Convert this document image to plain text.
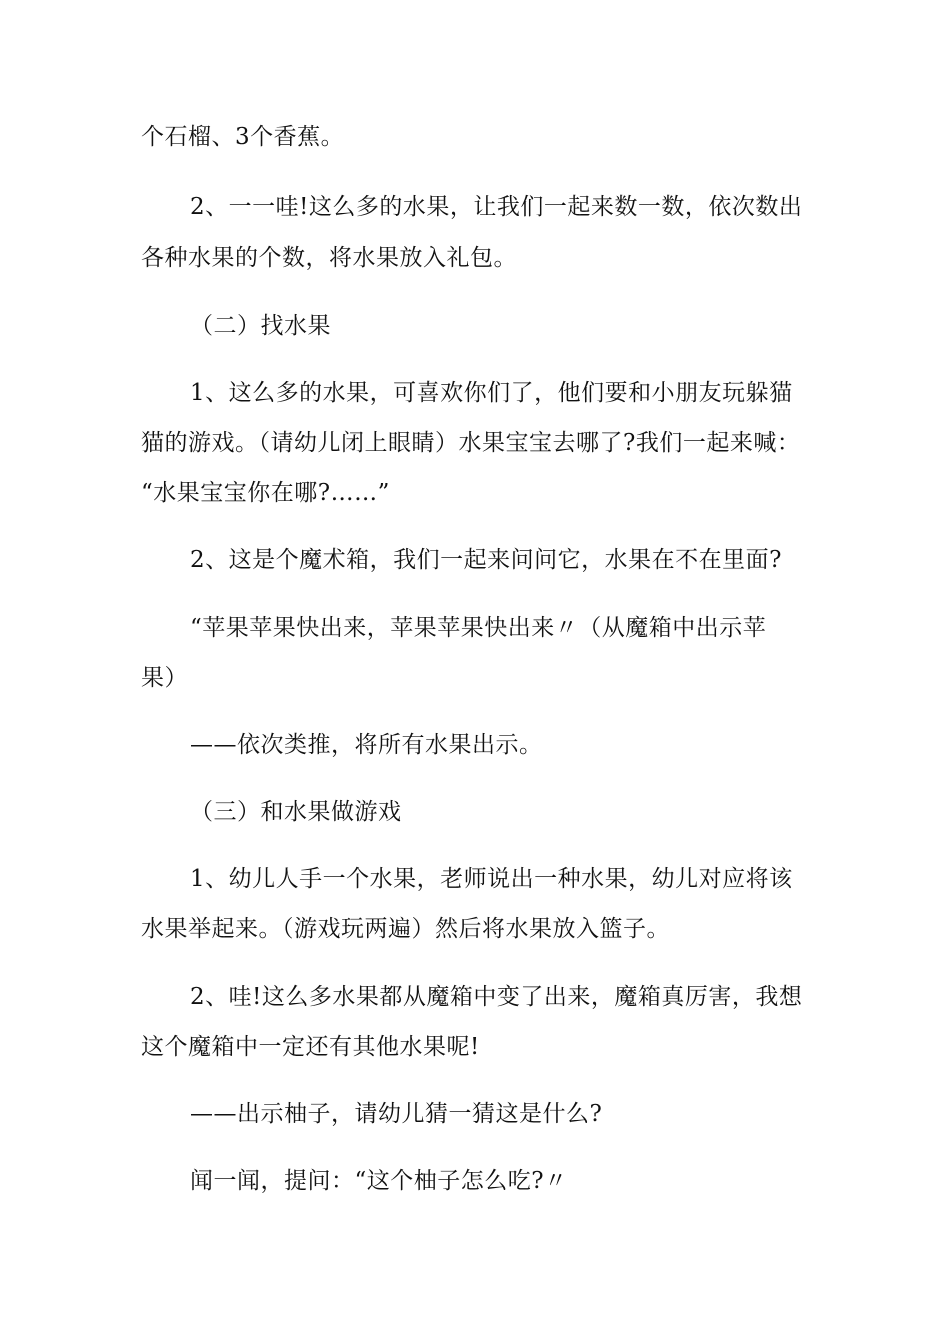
个石榴、3个香蕉。
2、一一哇!这么多的水果，让我们一起来数一数，依次数出
各种水果的个数，将水果放入礼包。
（二）找水果
1、这么多的水果，可喜欢你们了，他们要和小朋友玩躲猫
猫的游戏。（请幼儿闭上眼睛）水果宝宝去哪了?我们一起来喊：
“水果宝宝你在哪?……”
2、这是个魔术箱，我们一起来问问它，水果在不在里面?
“苹果苹果快出来，苹果苹果快出来〃（从魔箱中出示苹
果）
——依次类推，将所有水果出示。
（三）和水果做游戏
1、幼儿人手一个水果，老师说出一种水果，幼儿对应将该
水果举起来。（游戏玩两遍）然后将水果放入篮子。
2、哇!这么多水果都从魔箱中变了出来，魔箱真厉害，我想
这个魔箱中一定还有其他水果呢!
——出示柚子，请幼儿猜一猜这是什么?
闻一闻，提问：“这个柚子怎么吃?〃
